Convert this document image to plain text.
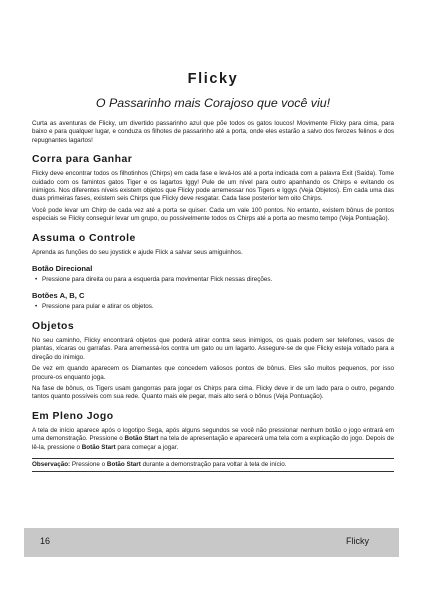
Flicky
O Passarinho mais Corajoso que você viu!

Curta as aventuras de Flicky, um divertido passarinho azul que põe todos os gatos loucos! Movimente Flicky para cima, para baixo e para qualquer lugar, e conduza os filhotes de passarinho até a porta, onde eles estarão a salvo dos ferozes felinos e dos repugnantes lagartos!

Corra para Ganhar

Flicky deve encontrar todos os filhotinhos (Chirps) em cada fase e levá-los até a porta indicada com a palavra Exit (Saída). Tome cuidado com os famintos gatos Tiger e os lagartos Iggy! Pule de um nível para outro apanhando os Chirps e evitando os inimigos. Nos diferentes níveis existem objetos que Flicky pode arremessar nos Tigers e Iggys (Veja Objetos). Em cada uma das duas primeiras fases, existem seis Chirps que Flicky deve resgatar. Cada fase posterior tem oito Chirps.

Você pode levar um Chirp de cada vez até a porta se quiser. Cada um vale 100 pontos. No entanto, existem bônus de pontos especiais se Flicky conseguir levar um grupo, ou possivelmente todos os Chirps até a porta ao mesmo tempo (Veja Pontuação).

Assuma o Controle

Aprenda as funções do seu joystick e ajude Flick a salvar seus amiguinhos.

Botão Direcional
• Pressione para direita ou para a esquerda para movimentar Flick nessas direções.
Botões A, B, C
• Pressione para pular e atirar os objetos.
Objetos

No seu caminho, Flicky encontrará objetos que poderá atirar contra seus inimigos, os quais podem ser telefones, vasos de plantas, xícaras ou garrafas. Para arremessá-los contra um gato ou um lagarto. Assegure-se de que Flicky esteja voltado para a direção do inimigo.

De vez em quando aparecem os Diamantes que concedem valiosos pontos de bônus. Eles são muitos pequenos, por isso procure-os enquanto joga.

Na fase de bônus, os Tigers usam gangorras para jogar os Chirps para cima. Flicky deve ir de um lado para o outro, pegando tantos quanto possíveis com sua rede. Quanto mais ele pegar, mais alto será o bônus (Veja Pontuação).

Em Pleno Jogo

A tela de início aparece após o logotipo Sega, após alguns segundos se você não pressionar nenhum botão o jogo entrará em uma demonstração. Pressione o Botão Start na tela de apresentação e aparecerá uma tela com a explicação do jogo. Depois de lê-la, pressione o Botão Start para começar a jogar.

Observação: Pressione o Botão Start durante a demonstração para voltar à tela de início.
16	Flicky
